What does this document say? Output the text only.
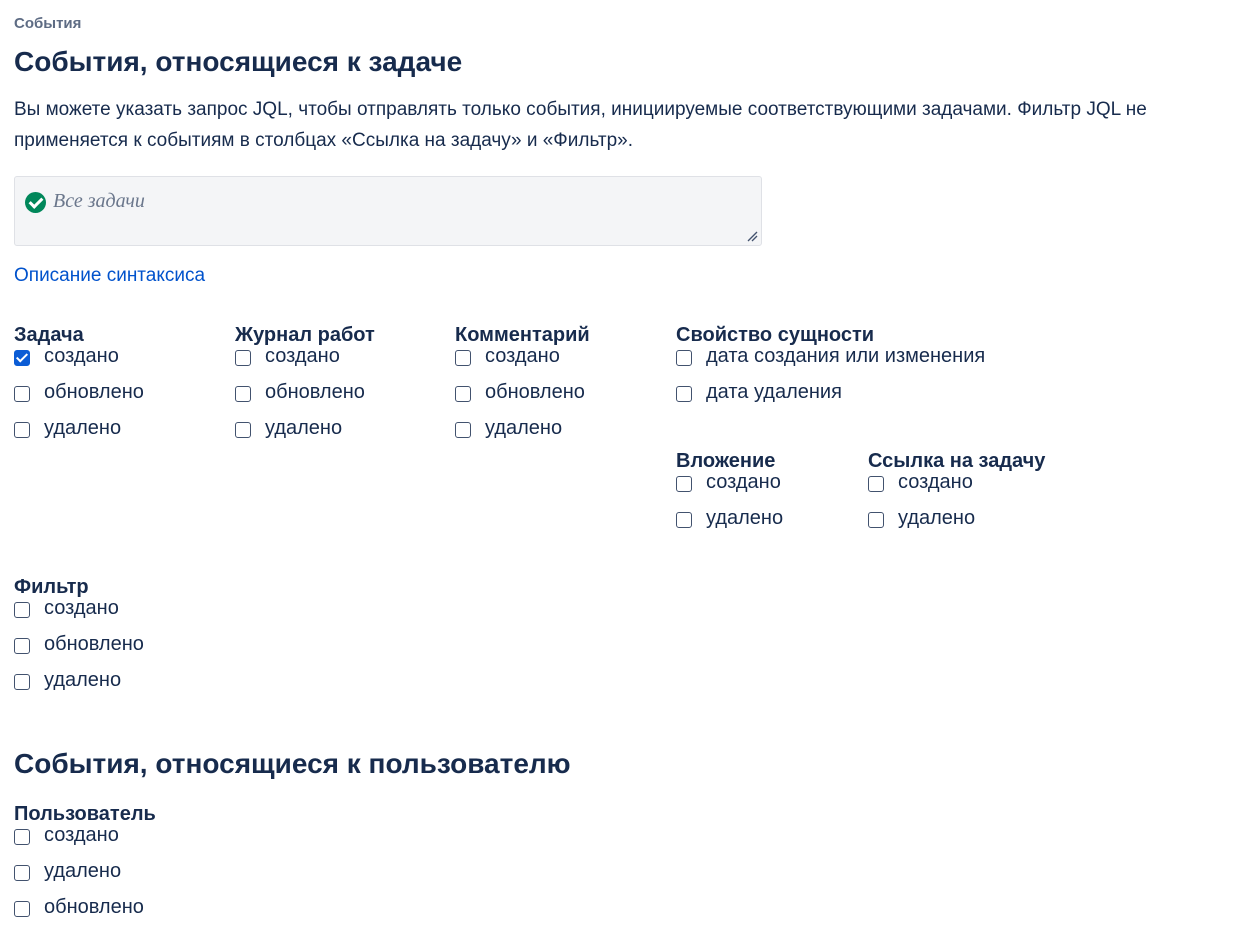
События
События, относящиеся к задаче
Вы можете указать запрос JQL, чтобы отправлять только события, инициируемые соответствующими задачами. Фильтр JQL не применяется к событиям в столбцах «Ссылка на задачу» и «Фильтр».
Все задачи
Описание синтаксиса
Задача
создано
обновлено
удалено
Журнал работ
создано
обновлено
удалено
Комментарий
создано
обновлено
удалено
Свойство сущности
дата создания или изменения
дата удаления
Вложение
создано
удалено
Ссылка на задачу
создано
удалено
Фильтр
создано
обновлено
удалено
События, относящиеся к пользователю
Пользователь
создано
удалено
обновлено
